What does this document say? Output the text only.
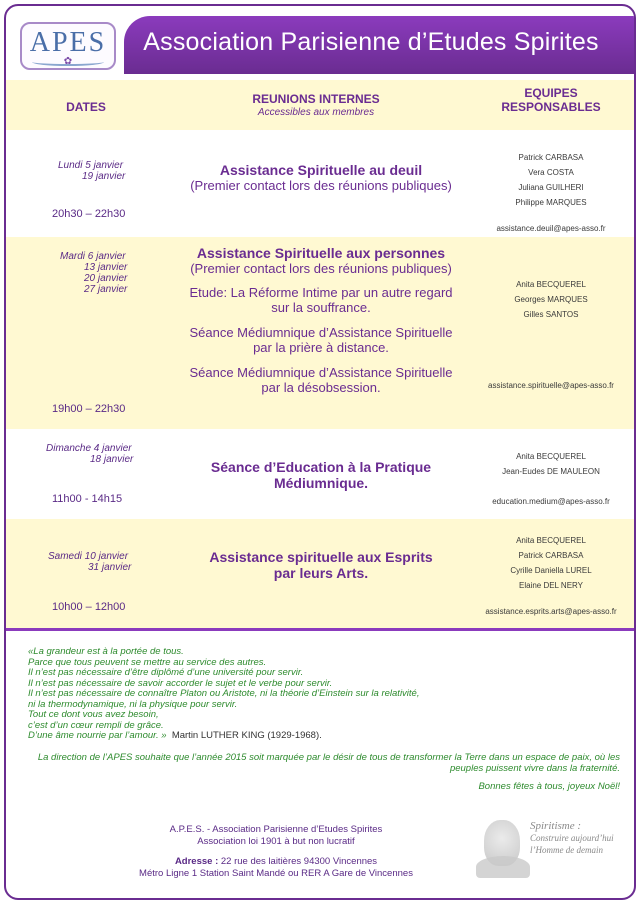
APES
✿
Association Parisienne d’Etudes Spirites
DATES
REUNIONS INTERNES
Accessibles aux membres
EQUIPES
RESPONSABLES
Lundi 5 janvier
19 janvier
20h30 – 22h30
Assistance Spirituelle au deuil
(Premier contact lors des réunions publiques)
Patrick CARBASA
Vera COSTA
Juliana GUILHERI
Philippe MARQUES
assistance.deuil@apes-asso.fr
Mardi 6 janvier
13 janvier
20 janvier
27 janvier
19h00 – 22h30
Assistance Spirituelle aux personnes
(Premier contact lors des réunions publiques)
Etude: La Réforme Intime par un autre regard
sur la souffrance.
Séance Médiumnique d’Assistance Spirituelle
par la prière à distance.
Séance Médiumnique d’Assistance Spirituelle
par la désobsession.
Anita BECQUEREL
Georges MARQUES
Gilles SANTOS
assistance.spirituelle@apes-asso.fr
Dimanche 4 janvier
18 janvier
11h00 - 14h15
Séance d’Education à la Pratique
Médiumnique.
Anita BECQUEREL
Jean-Eudes DE MAULEON
education.medium@apes-asso.fr
Samedi 10 janvier
31 janvier
10h00 – 12h00
Assistance spirituelle aux Esprits
par leurs Arts.
Anita BECQUEREL
Patrick CARBASA
Cyrille Daniella LUREL
Elaine DEL NERY
assistance.esprits.arts@apes-asso.fr
«La grandeur est à la portée de tous.
Parce que tous peuvent se mettre au service des autres.
Il n’est pas nécessaire d’être diplômé d’une université pour servir.
Il n’est pas nécessaire de savoir accorder le sujet et le verbe pour servir.
Il n’est pas nécessaire de connaître Platon ou Aristote, ni la théorie d’Einstein sur la relativité,
ni la thermodynamique, ni la physique pour servir.
Tout ce dont vous avez besoin,
c’est d’un cœur rempli de grâce.
D’une âme nourrie par l’amour. » Martin LUTHER KING (1929-1968).
La direction de l’APES souhaite que l’année 2015 soit marquée par le désir de tous de transformer la Terre dans un espace de paix, où les
peuples puissent vivre dans la fraternité.
Bonnes fêtes à tous, joyeux Noël!
A.P.E.S. - Association Parisienne d’Etudes Spirites
Association loi 1901 à but non lucratif
Adresse : 22 rue des laitières 94300 Vincennes
Métro Ligne 1 Station Saint Mandé ou RER A Gare de Vincennes
Spiritisme :
Construire aujourd’hui
l’Homme de demain
